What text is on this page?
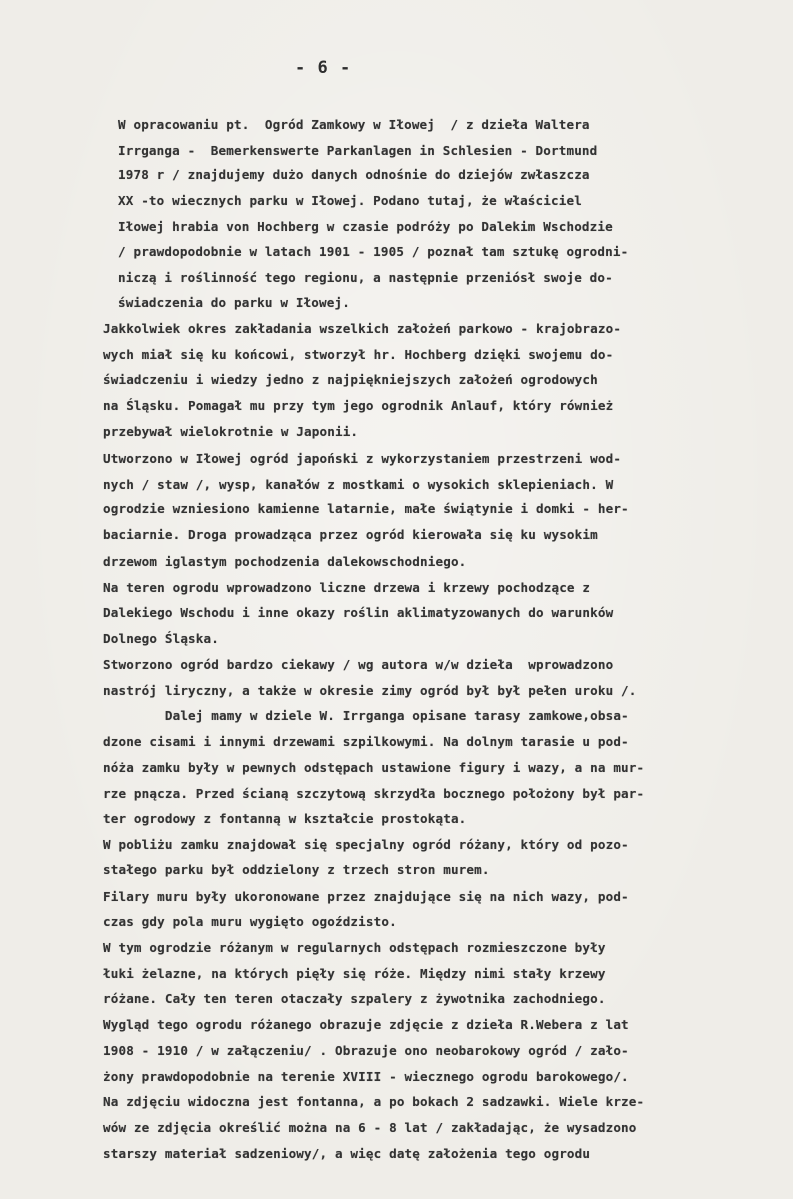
- 6 -
W opracowaniu pt.  Ogród Zamkowy w Iłowej  / z dzieła Waltera
Irrganga -  Bemerkenswerte Parkanlagen in Schlesien - Dortmund
1978 r / znajdujemy dużo danych odnośnie do dziejów zwłaszcza
XX -to wiecznych parku w Iłowej. Podano tutaj, że właściciel
Iłowej hrabia von Hochberg w czasie podróży po Dalekim Wschodzie
/ prawdopodobnie w latach 1901 - 1905 / poznał tam sztukę ogrodni-
niczą i roślinność tego regionu, a następnie przeniósł swoje do-
świadczenia do parku w Iłowej.
Jakkolwiek okres zakładania wszelkich założeń parkowo - krajobrazo-
wych miał się ku końcowi, stworzył hr. Hochberg dzięki swojemu do-
świadczeniu i wiedzy jedno z najpiękniejszych założeń ogrodowych
na Śląsku. Pomagał mu przy tym jego ogrodnik Anlauf, który również
przebywał wielokrotnie w Japonii.
Utworzono w Iłowej ogród japoński z wykorzystaniem przestrzeni wod-
nych / staw /, wysp, kanałów z mostkami o wysokich sklepieniach. W
ogrodzie wzniesiono kamienne latarnie, małe świątynie i domki - her-
baciarnie. Droga prowadząca przez ogród kierowała się ku wysokim
drzewom iglastym pochodzenia dalekowschodniego.
Na teren ogrodu wprowadzono liczne drzewa i krzewy pochodzące z
Dalekiego Wschodu i inne okazy roślin aklimatyzowanych do warunków
Dolnego Śląska.
Stworzono ogród bardzo ciekawy / wg autora w/w dzieła  wprowadzono
nastrój liryczny, a także w okresie zimy ogród był był pełen uroku /.
Dalej mamy w dziele W. Irrganga opisane tarasy zamkowe,obsa-
dzone cisami i innymi drzewami szpilkowymi. Na dolnym tarasie u pod-
nóża zamku były w pewnych odstępach ustawione figury i wazy, a na mur-
rze pnącza. Przed ścianą szczytową skrzydła bocznego położony był par-
ter ogrodowy z fontanną w kształcie prostokąta.
W pobliżu zamku znajdował się specjalny ogród różany, który od pozo-
stałego parku był oddzielony z trzech stron murem.
Filary muru były ukoronowane przez znajdujące się na nich wazy, pod-
czas gdy pola muru wygięto ogoździsto.
W tym ogrodzie różanym w regularnych odstępach rozmieszczone były
łuki żelazne, na których pięły się róże. Między nimi stały krzewy
różane. Cały ten teren otaczały szpalery z żywotnika zachodniego.
Wygląd tego ogrodu różanego obrazuje zdjęcie z dzieła R.Webera z lat
1908 - 1910 / w załączeniu/ . Obrazuje ono neobarokowy ogród / zało-
żony prawdopodobnie na terenie XVIII - wiecznego ogrodu barokowego/.
Na zdjęciu widoczna jest fontanna, a po bokach 2 sadzawki. Wiele krze-
wów ze zdjęcia określić można na 6 - 8 lat / zakładając, że wysadzono
starszy materiał sadzeniowy/, a więc datę założenia tego ogrodu
